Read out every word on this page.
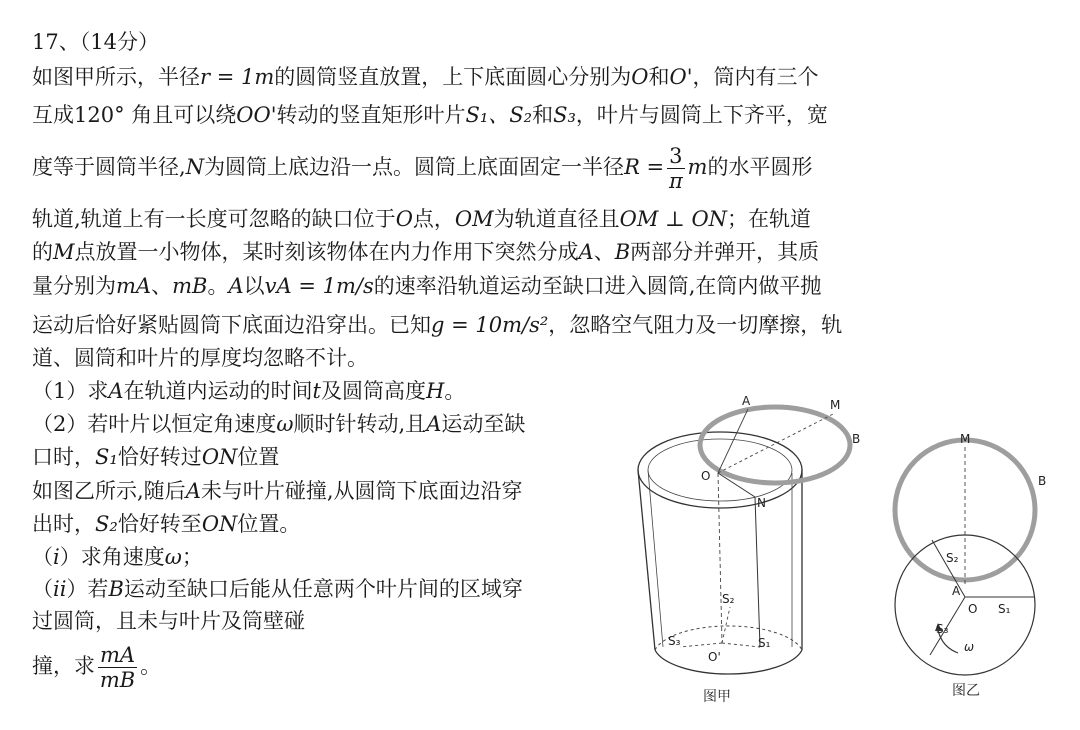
17、（14分）
如图甲所示，半径r = 1m的圆筒竖直放置，上下底面圆心分别为O和O'，筒内有三个
互成120° 角且可以绕OO'转动的竖直矩形叶片S₁、S₂和S₃，叶片与圆筒上下齐平，宽
度等于圆筒半径,N为圆筒上底边沿一点。圆筒上底面固定一半径$R = \frac{3}{\pi}$ m的水平圆形
轨道,轨道上有一长度可忽略的缺口位于O点，OM为轨道直径且OM ⊥ ON；在轨道
的M点放置一小物体，某时刻该物体在内力作用下突然分成A、B两部分并弹开，其质
量分别为mA、mB。A以vA = 1m/s的速率沿轨道运动至缺口进入圆筒,在筒内做平抛
运动后恰好紧贴圆筒下底面边沿穿出。已知g = 10m/s²，忽略空气阻力及一切摩擦，轨
道、圆筒和叶片的厚度均忽略不计。
（1）求A在轨道内运动的时间t及圆筒高度H。
（2）若叶片以恒定角速度ω顺时针转动,且A运动至缺
口时，S₁恰好转过ON位置
如图乙所示,随后A未与叶片碰撞,从圆筒下底面边沿穿
出时，S₂恰好转至ON位置。
（i）求角速度ω；
（ii）若B运动至缺口后能从任意两个叶片间的区域穿
过圆筒，且未与叶片及筒壁碰
撞，求 $\frac{mA}{mB}$ 。
A	M
B
O
N
S₂
S₃	S₁
O'
图甲
M
B
S₂
A
O S₁
S₃
ω
图乙
